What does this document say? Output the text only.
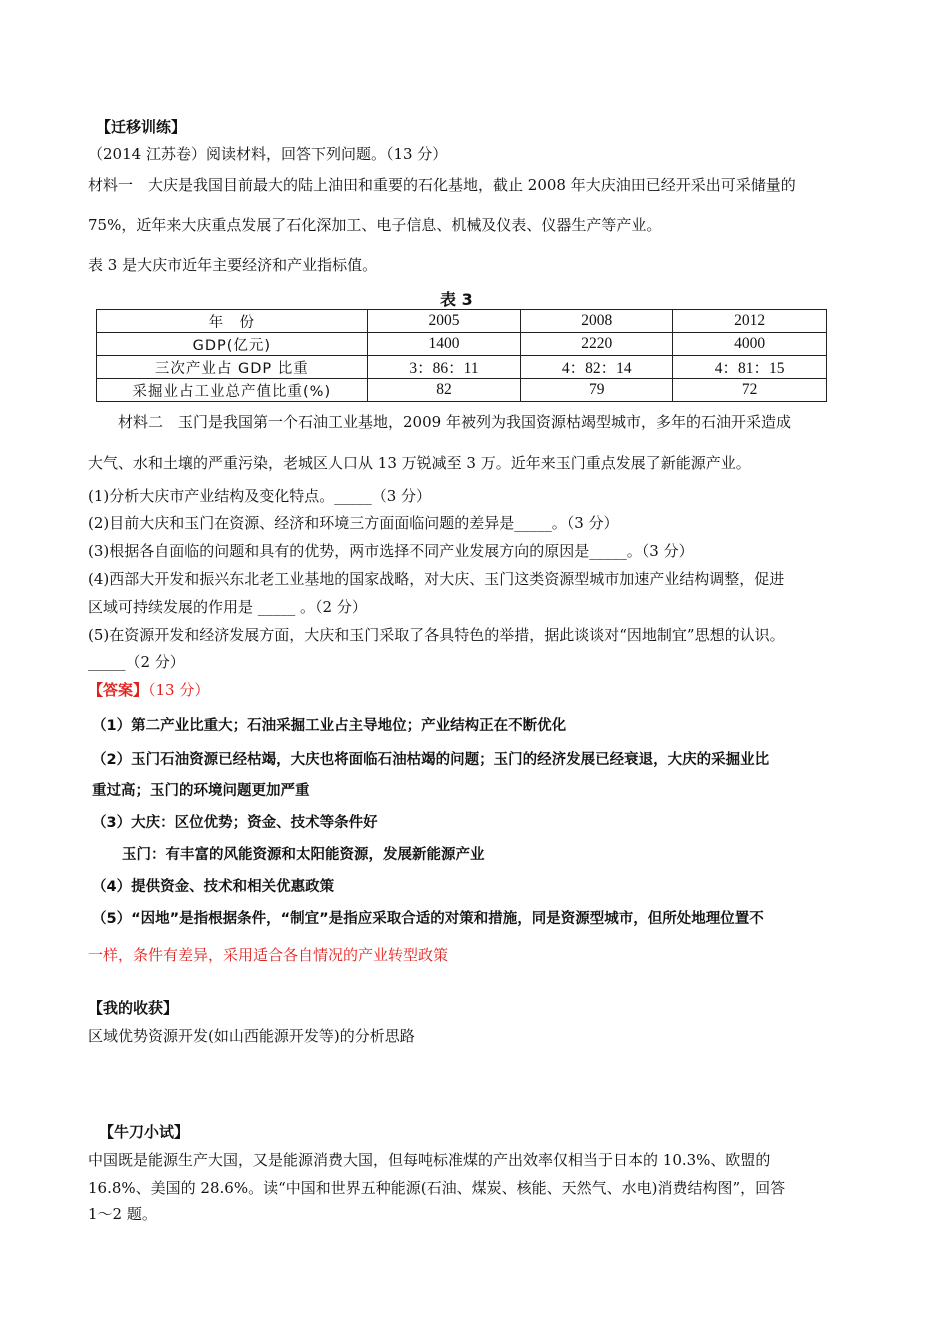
【迁移训练】
（2014 江苏卷）阅读材料，回答下列问题。（13 分）
材料一　大庆是我国目前最大的陆上油田和重要的石化基地，截止 2008 年大庆油田已经开采出可采储量的
75%，近年来大庆重点发展了石化深加工、电子信息、机械及仪表、仪器生产等产业。
表 3 是大庆市近年主要经济和产业指标值。
表 3
年　份	2005	2008	2012
GDP(亿元)	1400	2220	4000
三次产业占 GDP 比重	3：86：11	4：82：14	4：81：15
采掘业占工业总产值比重(%)	82	79	72
材料二　玉门是我国第一个石油工业基地，2009 年被列为我国资源枯竭型城市，多年的石油开采造成
大气、水和土壤的严重污染，老城区人口从 13 万锐减至 3 万。近年来玉门重点发展了新能源产业。
(1)分析大庆市产业结构及变化特点。_____（3 分）
(2)目前大庆和玉门在资源、经济和环境三方面面临问题的差异是_____。（3 分）
(3)根据各自面临的问题和具有的优势，两市选择不同产业发展方向的原因是_____。（3 分）
(4)西部大开发和振兴东北老工业基地的国家战略，对大庆、玉门这类资源型城市加速产业结构调整，促进
区域可持续发展的作用是 _____ 。（2 分）
(5)在资源开发和经济发展方面，大庆和玉门采取了各具特色的举措，据此谈谈对“因地制宜”思想的认识。
_____（2 分）
【答案】（13 分）
（1）第二产业比重大；石油采掘工业占主导地位；产业结构正在不断优化
（2）玉门石油资源已经枯竭，大庆也将面临石油枯竭的问题；玉门的经济发展已经衰退，大庆的采掘业比
重过高；玉门的环境问题更加严重
（3）大庆：区位优势；资金、技术等条件好
玉门：有丰富的风能资源和太阳能资源，发展新能源产业
（4）提供资金、技术和相关优惠政策
（5）“因地”是指根据条件，“制宜”是指应采取合适的对策和措施，同是资源型城市，但所处地理位置不
一样，条件有差异，采用适合各自情况的产业转型政策
【我的收获】
区域优势资源开发(如山西能源开发等)的分析思路
【牛刀小试】
中国既是能源生产大国，又是能源消费大国，但每吨标准煤的产出效率仅相当于日本的 10.3%、欧盟的
16.8%、美国的 28.6%。读“中国和世界五种能源(石油、煤炭、核能、天然气、水电)消费结构图”，回答
1～2 题。
